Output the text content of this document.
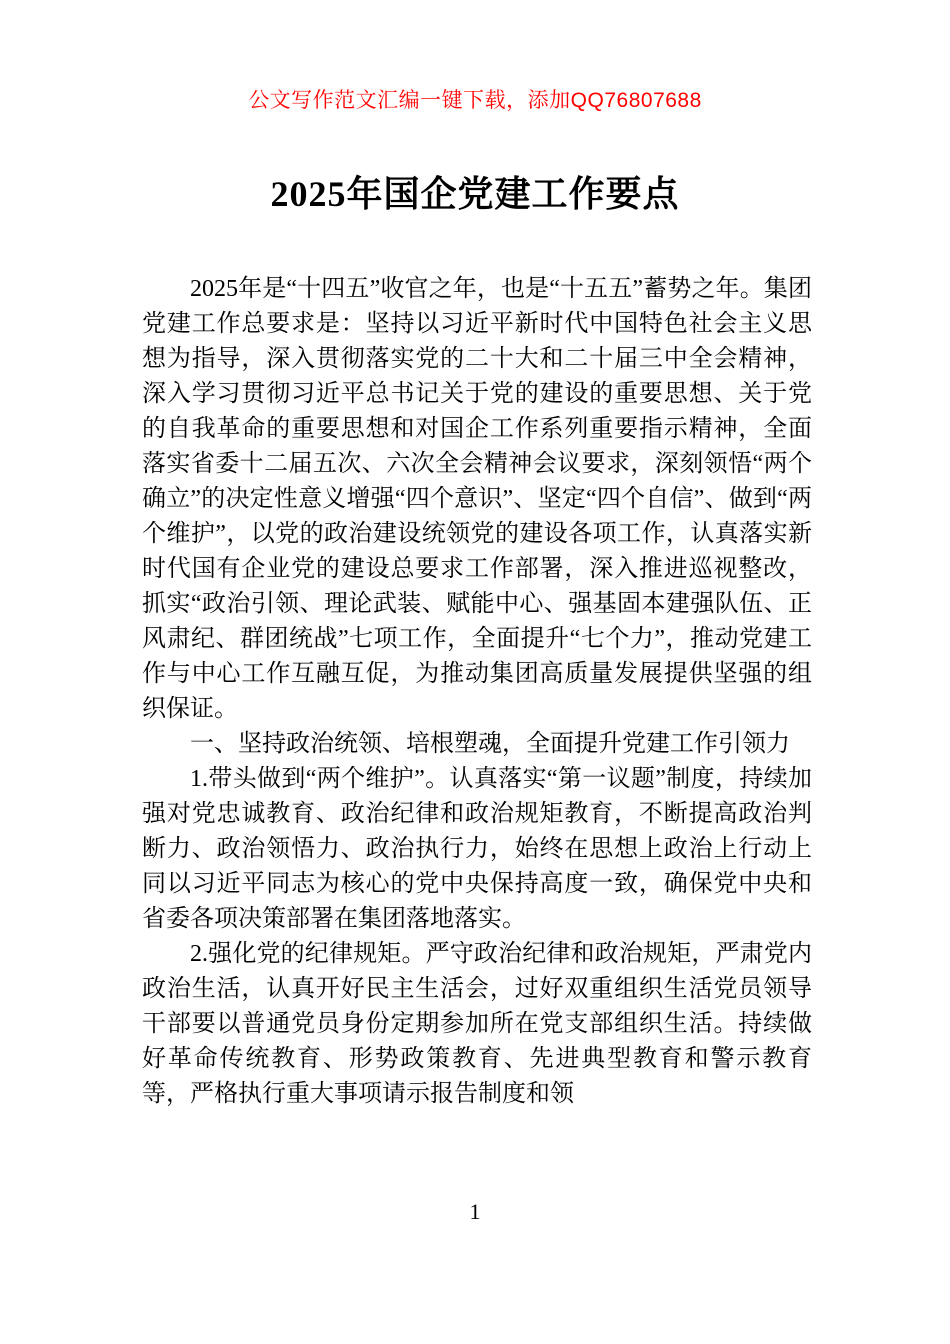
公文写作范文汇编一键下载，添加QQ76807688
2025年国企党建工作要点

2025年是“十四五”收官之年，也是“十五五”蓄势之年。集团党建工作总要求是：坚持以习近平新时代中国特色社会主义思想为指导，深入贯彻落实党的二十大和二十届三中全会精神，深入学习贯彻习近平总书记关于党的建设的重要思想、关于党的自我革命的重要思想和对国企工作系列重要指示精神，全面落实省委十二届五次、六次全会精神会议要求，深刻领悟“两个确立”的决定性意义增强“四个意识”、坚定“四个自信”、做到“两个维护”，以党的政治建设统领党的建设各项工作，认真落实新时代国有企业党的建设总要求工作部署，深入推进巡视整改，抓实“政治引领、理论武装、赋能中心、强基固本建强队伍、正风肃纪、群团统战”七项工作，全面提升“七个力”，推动党建工作与中心工作互融互促，为推动集团高质量发展提供坚强的组织保证。

一、坚持政治统领、培根塑魂，全面提升党建工作引领力

1.带头做到“两个维护”。认真落实“第一议题”制度，持续加强对党忠诚教育、政治纪律和政治规矩教育，不断提高政治判断力、政治领悟力、政治执行力，始终在思想上政治上行动上同以习近平同志为核心的党中央保持高度一致，确保党中央和省委各项决策部署在集团落地落实。

2.强化党的纪律规矩。严守政治纪律和政治规矩，严肃党内政治生活，认真开好民主生活会，过好双重组织生活党员领导干部要以普通党员身份定期参加所在党支部组织生活。持续做好革命传统教育、形势政策教育、先进典型教育和警示教育等，严格执行重大事项请示报告制度和领

1
